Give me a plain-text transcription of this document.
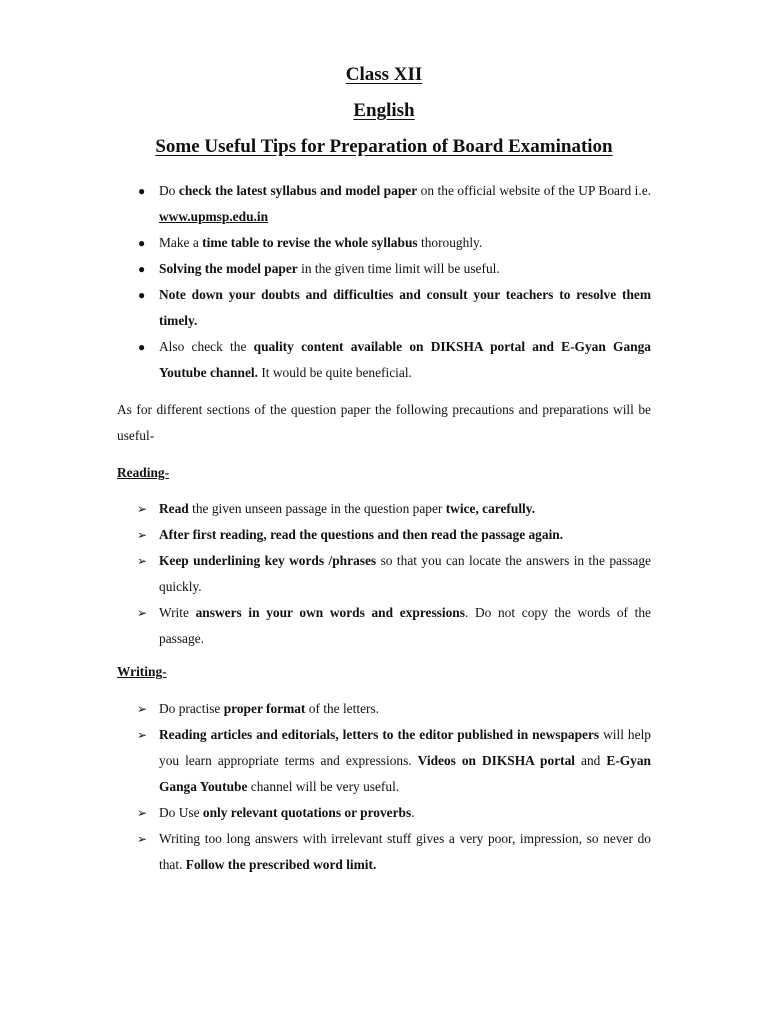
Class XII
English
Some Useful Tips for Preparation of Board Examination
● Do check the latest syllabus and model paper on the official website of the UP Board i.e. www.upmsp.edu.in
● Make a time table to revise the whole syllabus thoroughly.
● Solving the model paper in the given time limit will be useful.
● Note down your doubts and difficulties and consult your teachers to resolve them timely.
● Also check the quality content available on DIKSHA portal and E-Gyan Ganga Youtube channel. It would be quite beneficial.
As for different sections of the question paper the following precautions and preparations will be useful-
Reading-
➢ Read the given unseen passage in the question paper twice, carefully.
➢ After first reading, read the questions and then read the passage again.
➢ Keep underlining key words /phrases so that you can locate the answers in the passage quickly.
➢ Write answers in your own words and expressions. Do not copy the words of the passage.
Writing-
➢ Do practise proper format of the letters.
➢ Reading articles and editorials, letters to the editor published in newspapers will help you learn appropriate terms and expressions. Videos on DIKSHA portal and E-Gyan Ganga Youtube channel will be very useful.
➢ Do Use only relevant quotations or proverbs.
➢ Writing too long answers with irrelevant stuff gives a very poor, impression, so never do that. Follow the prescribed word limit.
